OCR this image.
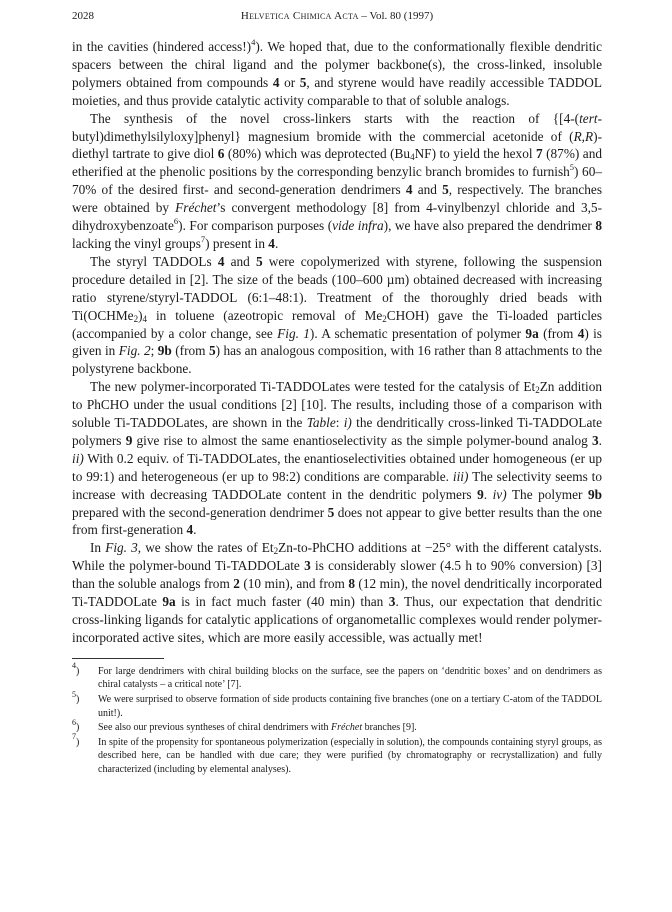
2028	Helvetica Chimica Acta – Vol. 80 (1997)

in the cavities (hindered access!)$^4$). We hoped that, due to the conformationally flexible dendritic spacers between the chiral ligand and the polymer backbone(s), the cross-linked, insoluble polymers obtained from compounds 4 or 5, and styrene would have readily accessible TADDOL moieties, and thus provide catalytic activity comparable to that of soluble analogs.

The synthesis of the novel cross-linkers starts with the reaction of {[4-(tert-butyl)dimethylsilyloxy]phenyl} magnesium bromide with the commercial acetonide of (R,R)-diethyl tartrate to give diol 6 (80%) which was deprotected $(Bu_4NF)$ to yield the hexol 7 (87%) and etherified at the phenolic positions by the corresponding benzylic branch bromides to furnish$^5$) 60–70% of the desired first- and second-generation dendrimers 4 and 5, respectively. The branches were obtained by Fréchet’s convergent methodology [8] from 4-vinylbenzyl chloride and 3,5-dihydroxybenzoate$^6$). For comparison purposes (vide infra), we have also prepared the dendrimer 8 lacking the vinyl groups$^7$) present in 4.

The styryl TADDOLs 4 and 5 were copolymerized with styrene, following the suspension procedure detailed in [2]. The size of the beads (100–600 µm) obtained decreased with increasing ratio styrene/styryl-TADDOL (6:1–48:1). Treatment of the thoroughly dried beads with $Ti(OCHMe_2)_4$ in toluene (azeotropic removal of $Me_2CHOH$) gave the Ti-loaded particles (accompanied by a color change, see Fig. 1). A schematic presentation of polymer 9a (from 4) is given in Fig. 2; 9b (from 5) has an analogous composition, with 16 rather than 8 attachments to the polystyrene backbone.

The new polymer-incorporated Ti-TADDOLates were tested for the catalysis of $Et_2Zn$ addition to PhCHO under the usual conditions [2] [10]. The results, including those of a comparison with soluble Ti-TADDOLates, are shown in the Table: i) the dendritically cross-linked Ti-TADDOLate polymers 9 give rise to almost the same enantioselectivity as the simple polymer-bound analog 3. ii) With 0.2 equiv. of Ti-TADDOLates, the enantioselectivities obtained under homogeneous (er up to 99:1) and heterogeneous (er up to 98:2) conditions are comparable. iii) The selectivity seems to increase with decreasing TADDOLate content in the dendritic polymers 9. iv) The polymer 9b prepared with the second-generation dendrimer 5 does not appear to give better results than the one from first-generation 4.

In Fig. 3, we show the rates of $Et_2Zn-to$-PhCHO additions at −25° with the different catalysts. While the polymer-bound Ti-TADDOLate 3 is considerably slower (4.5 h to 90% conversion) [3] than the soluble analogs from 2 (10 min), and from 8 (12 min), the novel dendritically incorporated Ti-TADDOLate 9a is in fact much faster (40 min) than 3. Thus, our expectation that dendritic cross-linking ligands for catalytic applications of organometallic complexes would render polymer-incorporated active sites, which are more easily accessible, was actually met!

$^4$) For large dendrimers with chiral building blocks on the surface, see the papers on ‘dendritic boxes’ and on dendrimers as chiral catalysts – a critical note’ [7].
$^5$) We were surprised to observe formation of side products containing five branches (one on a tertiary C-atom of the TADDOL unit!).
$^6$) See also our previous syntheses of chiral dendrimers with Fréchet branches [9].
$^7$) In spite of the propensity for spontaneous polymerization (especially in solution), the compounds containing styryl groups, as described here, can be handled with due care; they were purified (by chromatography or recrystallization) and fully characterized (including by elemental analyses).
